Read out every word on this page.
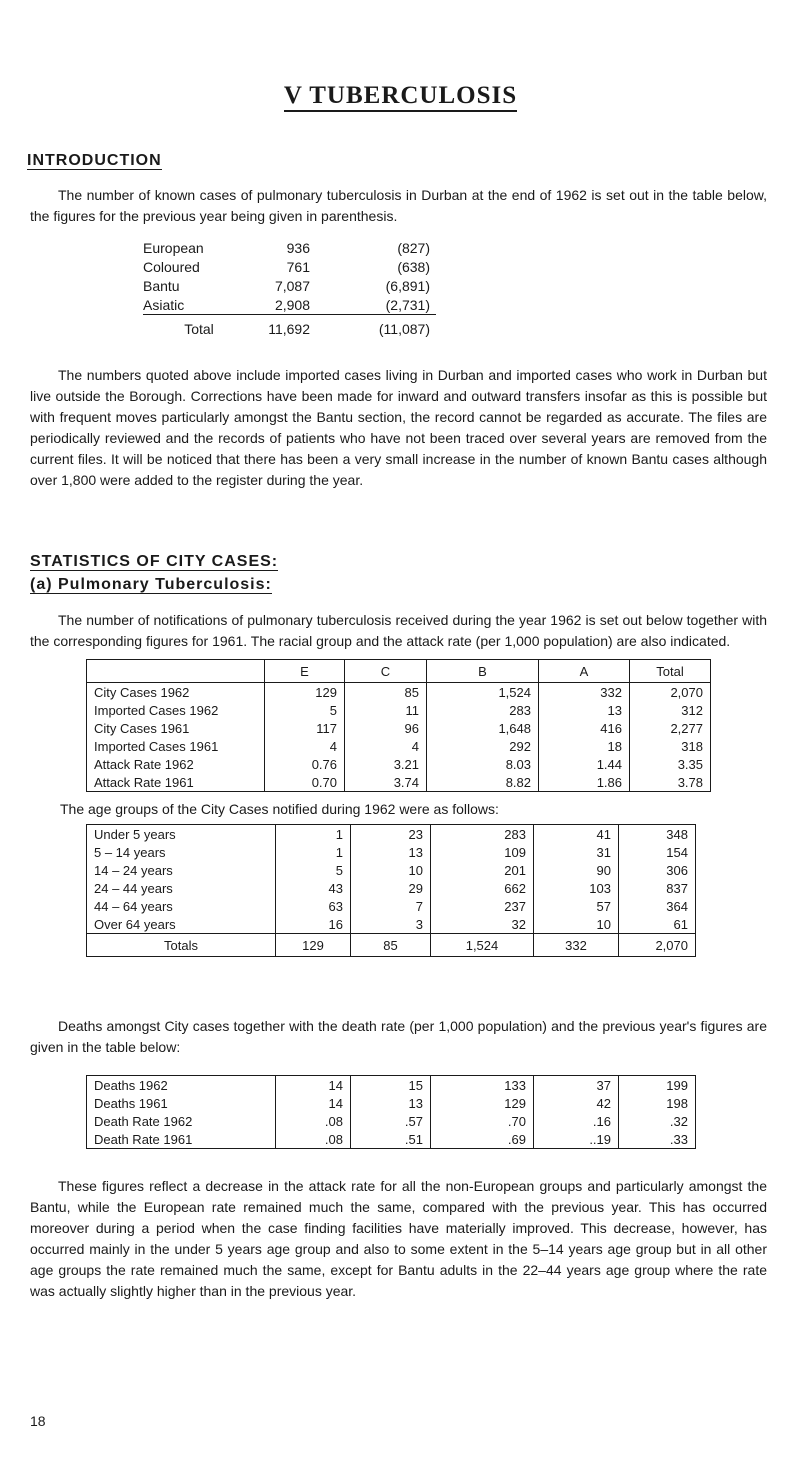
V TUBERCULOSIS
INTRODUCTION

The number of known cases of pulmonary tuberculosis in Durban at the end of 1962 is set out in the table below, the figures for the previous year being given in parenthesis.

European	936	(827)
Coloured	761	(638)
Bantu	7,087	(6,891)
Asiatic	2,908	(2,731)
Total	11,692	(11,087)

The numbers quoted above include imported cases living in Durban and imported cases who work in Durban but live outside the Borough. Corrections have been made for inward and outward transfers insofar as this is possible but with frequent moves particularly amongst the Bantu section, the record cannot be regarded as accurate. The files are periodically reviewed and the records of patients who have not been traced over several years are removed from the current files. It will be noticed that there has been a very small increase in the number of known Bantu cases although over 1,800 were added to the register during the year.

STATISTICS OF CITY CASES:
(a) Pulmonary Tuberculosis:

The number of notifications of pulmonary tuberculosis received during the year 1962 is set out below together with the corresponding figures for 1961. The racial group and the attack rate (per 1,000 population) are also indicated.

	E	C	B	A	Total
City Cases 1962	129	85	1,524	332	2,070
Imported Cases 1962	5	11	283	13	312
City Cases 1961	117	96	1,648	416	2,277
Imported Cases 1961	4	4	292	18	318
Attack Rate 1962	0.76	3.21	8.03	1.44	3.35
Attack Rate 1961	0.70	3.74	8.82	1.86	3.78
The age groups of the City Cases notified during 1962 were as follows:
Under 5 years	1	23	283	41	348
5 – 14 years	1	13	109	31	154
14 – 24 years	5	10	201	90	306
24 – 44 years	43	29	662	103	837
44 – 64 years	63	7	237	57	364
Over 64 years	16	3	32	10	61
Totals	129	85	1,524	332	2,070

Deaths amongst City cases together with the death rate (per 1,000 population) and the previous year's figures are given in the table below:

Deaths 1962	14	15	133	37	199
Deaths 1961	14	13	129	42	198
Death Rate 1962	.08	.57	.70	.16	.32
Death Rate 1961	.08	.51	.69	..19	.33

These figures reflect a decrease in the attack rate for all the non-European groups and particularly amongst the Bantu, while the European rate remained much the same, compared with the previous year. This has occurred moreover during a period when the case finding facilities have materially improved. This decrease, however, has occurred mainly in the under 5 years age group and also to some extent in the 5–14 years age group but in all other age groups the rate remained much the same, except for Bantu adults in the 22–44 years age group where the rate was actually slightly higher than in the previous year.

18
